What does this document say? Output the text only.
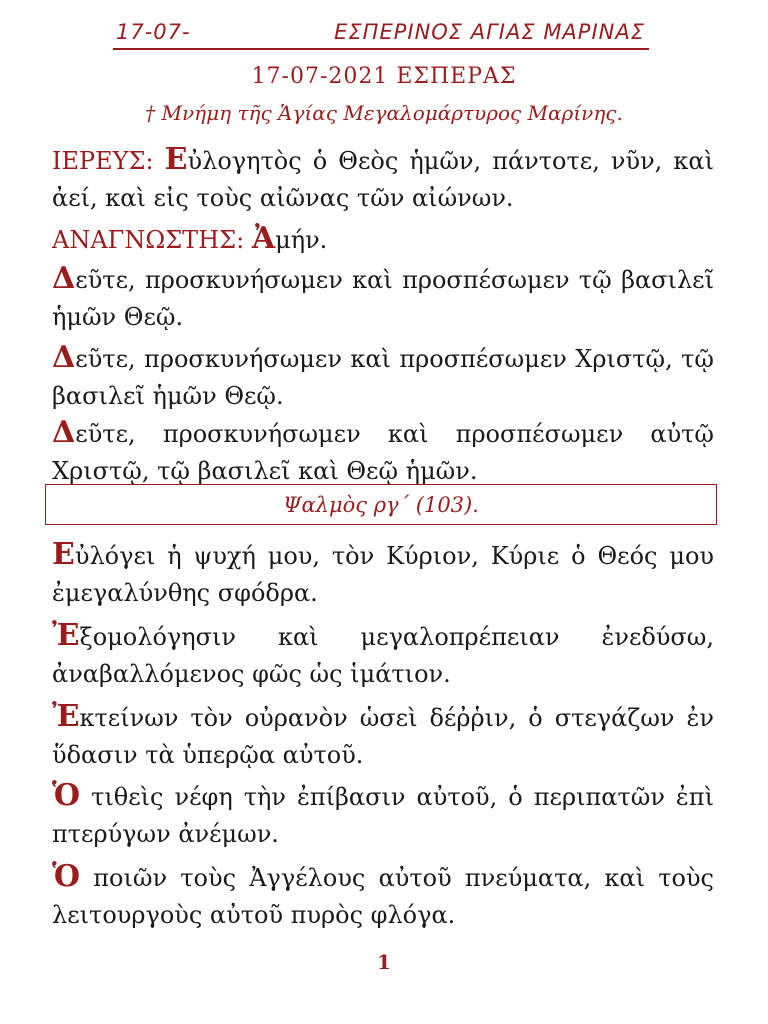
17-07-	ΕΣΠΕΡΙΝΟΣ ΑΓΙΑΣ ΜΑΡΙΝΑΣ
17-07-2021 ΕΣΠΕΡΑΣ
† Μνήμη τῆς Ἁγίας Μεγαλομάρτυρος Μαρίνης.
ΙΕΡΕΥΣ: Εὐλογητὸς ὁ Θεὸς ἡμῶν, πάντοτε, νῦν, καὶ ἀεί, καὶ εἰς τοὺς αἰῶνας τῶν αἰώνων.
ΑΝΑΓΝΩΣΤΗΣ: Ἀμήν.
Δεῦτε, προσκυνήσωμεν καὶ προσπέσωμεν τῷ βασιλεῖ ἡμῶν Θεῷ.
Δεῦτε, προσκυνήσωμεν καὶ προσπέσωμεν Χριστῷ, τῷ βασιλεῖ ἡμῶν Θεῷ.
Δεῦτε, προσκυνήσωμεν καὶ προσπέσωμεν αὐτῷ Χριστῷ, τῷ βασιλεῖ καὶ Θεῷ ἡμῶν.
Ψαλμὸς ργ´ (103).
Εὐλόγει ἡ ψυχή μου, τὸν Κύριον, Κύριε ὁ Θεός μου ἐμεγαλύνθης σφόδρα.
Ἐξομολόγησιν καὶ μεγαλοπρέπειαν ἐνεδύσω, ἀναβαλλόμενος φῶς ὡς ἱμάτιον.
Ἐκτείνων τὸν οὐρανὸν ὡσεὶ δέῤῥιν, ὁ στεγάζων ἐν ὕδασιν τὰ ὑπερῷα αὐτοῦ.
Ὁ τιθεὶς νέφη τὴν ἐπίβασιν αὐτοῦ, ὁ περιπατῶν ἐπὶ πτερύγων ἀνέμων.
Ὁ ποιῶν τοὺς Ἀγγέλους αὐτοῦ πνεύματα, καὶ τοὺς λειτουργοὺς αὐτοῦ πυρὸς φλόγα.
1
